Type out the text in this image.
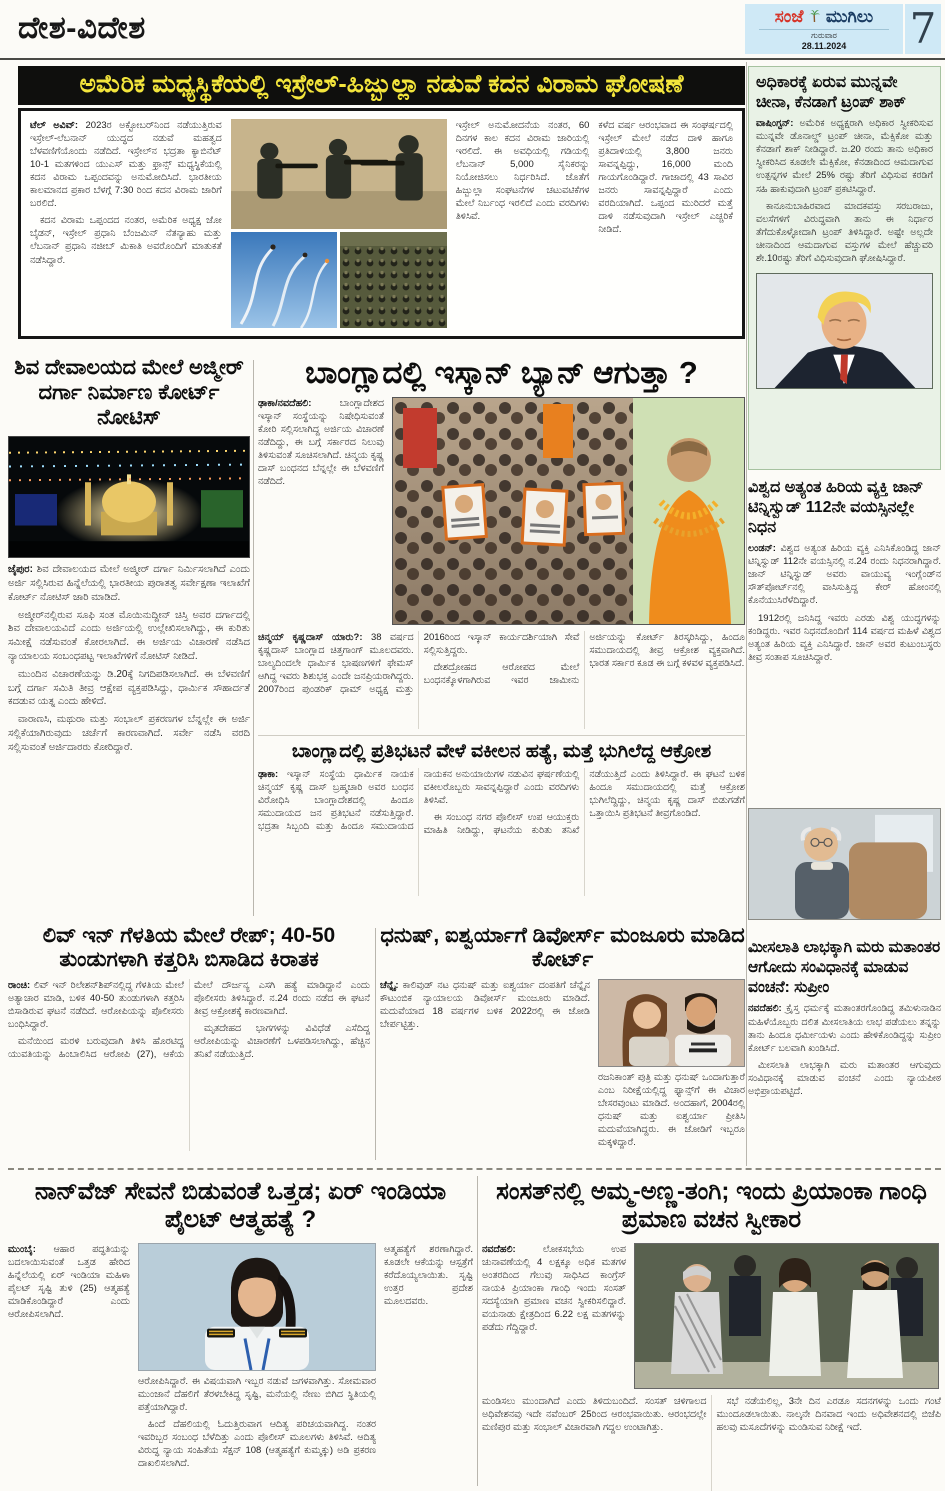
ದೇಶ-ವಿದೇಶ	ಸಂಜೆ ಮುಗಿಲು
ಗುರುವಾರ
28.11.2024	7
ಅಮೆರಿಕ ಮಧ್ಯಸ್ಥಿಕೆಯಲ್ಲಿ ಇಸ್ರೇಲ್-ಹಿಜ್ಬುಲ್ಲಾ ನಡುವೆ ಕದನ ವಿರಾಮ ಘೋಷಣೆ

ಟೆಲ್ ಅವಿವ್: 2023ರ ಅಕ್ಟೋಬರ್‌ನಿಂದ ನಡೆಯುತ್ತಿರುವ ಇಸ್ರೇಲ್-ಲೆಬನಾನ್ ಯುದ್ಧದ ನಡುವೆ ಮಹತ್ವದ ಬೆಳವಣಿಗೆಯೊಂದು ನಡೆದಿದೆ. ಇಸ್ರೇಲ್‌ನ ಭದ್ರತಾ ಕ್ಯಾಬಿನೆಟ್ 10-1 ಮತಗಳಿಂದ ಯುಎಸ್ ಮತ್ತು ಫ್ರಾನ್ಸ್ ಮಧ್ಯಸ್ಥಿಕೆಯಲ್ಲಿ ಕದನ ವಿರಾಮ ಒಪ್ಪಂದವನ್ನು ಅನುಮೋದಿಸಿದೆ. ಭಾರತೀಯ ಕಾಲಮಾನದ ಪ್ರಕಾರ ಬೆಳಗ್ಗೆ 7:30 ರಿಂದ ಕದನ ವಿರಾಮ ಜಾರಿಗೆ ಬರಲಿದೆ.

ಕದನ ವಿರಾಮ ಒಪ್ಪಂದದ ನಂತರ, ಅಮೆರಿಕ ಅಧ್ಯಕ್ಷ ಜೋ ಬೈಡನ್, ಇಸ್ರೇಲ್ ಪ್ರಧಾನಿ ಬೆಂಜಮಿನ್ ನೆತನ್ಯಾಹು ಮತ್ತು ಲೆಬನಾನ್ ಪ್ರಧಾನಿ ನಜೀಬ್ ಮಿಕಾತಿ ಅವರೊಂದಿಗೆ ಮಾತುಕತೆ ನಡೆಸಿದ್ದಾರೆ.

ಇಸ್ರೇಲ್ ಅನುಮೋದನೆಯ ನಂತರ, 60 ದಿನಗಳ ಕಾಲ ಕದನ ವಿರಾಮ ಜಾರಿಯಲ್ಲಿ ಇರಲಿದೆ. ಈ ಅವಧಿಯಲ್ಲಿ ಗಡಿಯಲ್ಲಿ ಲೆಬನಾನ್ 5,000 ಸೈನಿಕರನ್ನು ನಿಯೋಜಿಸಲು ನಿರ್ಧರಿಸಿದೆ. ಜೊತೆಗೆ ಹಿಜ್ಬುಲ್ಲಾ ಸಂಘಟನೆಗಳ ಚಟುವಟಿಕೆಗಳ ಮೇಲೆ ನಿರ್ಬಂಧ ಇರಲಿದೆ ಎಂದು ವರದಿಗಳು ತಿಳಿಸಿವೆ.

ಕಳೆದ ವರ್ಷ ಆರಂಭವಾದ ಈ ಸಂಘರ್ಷದಲ್ಲಿ ಇಸ್ರೇಲ್ ಮೇಲೆ ನಡೆದ ದಾಳಿ ಹಾಗೂ ಪ್ರತಿದಾಳಿಯಲ್ಲಿ 3,800 ಜನರು ಸಾವನ್ನಪ್ಪಿದ್ದು, 16,000 ಮಂದಿ ಗಾಯಗೊಂಡಿದ್ದಾರೆ. ಗಾಜಾದಲ್ಲಿ 43 ಸಾವಿರ ಜನರು ಸಾವನ್ನಪ್ಪಿದ್ದಾರೆ ಎಂದು ವರದಿಯಾಗಿದೆ. ಒಪ್ಪಂದ ಮುರಿದರೆ ಮತ್ತೆ ದಾಳಿ ನಡೆಸುವುದಾಗಿ ಇಸ್ರೇಲ್ ಎಚ್ಚರಿಕೆ ನೀಡಿದೆ.

ಅಧಿಕಾರಕ್ಕೆ ಏರುವ ಮುನ್ನವೇ ಚೀನಾ, ಕೆನಡಾಗೆ ಟ್ರಂಪ್ ಶಾಕ್

ವಾಷಿಂಗ್ಟನ್: ಅಮೆರಿಕ ಅಧ್ಯಕ್ಷರಾಗಿ ಅಧಿಕಾರ ಸ್ವೀಕರಿಸುವ ಮುನ್ನವೇ ಡೊನಾಲ್ಡ್ ಟ್ರಂಪ್ ಚೀನಾ, ಮೆಕ್ಸಿಕೋ ಮತ್ತು ಕೆನಡಾಗೆ ಶಾಕ್ ನೀಡಿದ್ದಾರೆ. ಜ.20 ರಂದು ತಾನು ಅಧಿಕಾರ ಸ್ವೀಕರಿಸಿದ ಕೂಡಲೇ ಮೆಕ್ಸಿಕೋ, ಕೆನಡಾದಿಂದ ಆಮದಾಗುವ ಉತ್ಪನ್ನಗಳ ಮೇಲೆ 25% ರಷ್ಟು ತೆರಿಗೆ ವಿಧಿಸುವ ಕರಡಿಗೆ ಸಹಿ ಹಾಕುವುದಾಗಿ ಟ್ರಂಪ್ ಪ್ರಕಟಿಸಿದ್ದಾರೆ.

ಕಾನೂನುಬಾಹಿರವಾದ ಮಾದಕವಸ್ತು ಸರಬರಾಜು, ವಲಸೆಗಳಿಗೆ ವಿರುದ್ಧವಾಗಿ ತಾನು ಈ ನಿರ್ಧಾರ ತೆಗೆದುಕೊಳ್ಳೋದಾಗಿ ಟ್ರಂಪ್ ತಿಳಿಸಿದ್ದಾರೆ. ಅಷ್ಟೇ ಅಲ್ಲದೇ ಚೀನಾದಿಂದ ಆಮದಾಗುವ ವಸ್ತುಗಳ ಮೇಲೆ ಹೆಚ್ಚುವರಿ ಶೇ.10ರಷ್ಟು ತೆರಿಗೆ ವಿಧಿಸುವುದಾಗಿ ಘೋಷಿಸಿದ್ದಾರೆ.

ವಿಶ್ವದ ಅತ್ಯಂತ ಹಿರಿಯ ವ್ಯಕ್ತಿ ಜಾನ್ ಟಿನ್ನಿಸ್ವುಡ್ 112ನೇ ವಯಸ್ಸಿನಲ್ಲೇ ನಿಧನ

ಲಂಡನ್: ವಿಶ್ವದ ಅತ್ಯಂತ ಹಿರಿಯ ವ್ಯಕ್ತಿ ಎನಿಸಿಕೊಂಡಿದ್ದ ಜಾನ್ ಟಿನ್ನಿಸ್ವುಡ್ 112ನೇ ವಯಸ್ಸಿನಲ್ಲಿ ನ.24 ರಂದು ನಿಧನರಾಗಿದ್ದಾರೆ. ಜಾನ್ ಟಿನ್ನಿಸ್ವುಡ್ ಅವರು ವಾಯುವ್ಯ ಇಂಗ್ಲೆಂಡ್‌ನ ಸೌತ್‌ಪೋರ್ಟ್‌ನಲ್ಲಿ ವಾಸಿಸುತ್ತಿದ್ದ ಕೇರ್ ಹೋಂನಲ್ಲಿ ಕೊನೆಯುಸಿರೆಳೆದಿದ್ದಾರೆ.

1912ರಲ್ಲಿ ಜನಿಸಿದ್ದ ಇವರು ಎರಡು ವಿಶ್ವ ಯುದ್ಧಗಳನ್ನು ಕಂಡಿದ್ದರು. ಇವರ ನಿಧನದೊಂದಿಗೆ 114 ವರ್ಷದ ಮಹಿಳೆ ವಿಶ್ವದ ಅತ್ಯಂತ ಹಿರಿಯ ವ್ಯಕ್ತಿ ಎನಿಸಿದ್ದಾರೆ. ಜಾನ್ ಅವರ ಕುಟುಂಬಸ್ಥರು ತೀವ್ರ ಸಂತಾಪ ಸೂಚಿಸಿದ್ದಾರೆ.

ಮೀಸಲಾತಿ ಲಾಭಕ್ಕಾಗಿ ಮರು ಮತಾಂತರ ಆಗೋದು ಸಂವಿಧಾನಕ್ಕೆ ಮಾಡುವ ವಂಚನೆ: ಸುಪ್ರೀಂ

ನವದೆಹಲಿ: ಕ್ರೈಸ್ತ ಧರ್ಮಕ್ಕೆ ಮತಾಂತರಗೊಂಡಿದ್ದ ತಮಿಳುನಾಡಿನ ಮಹಿಳೆಯೊಬ್ಬರು ದಲಿತ ಮೀಸಲಾತಿಯ ಲಾಭ ಪಡೆಯಲು ತನ್ನನ್ನು ತಾನು ಹಿಂದೂ ಧರ್ಮೀಯಳು ಎಂದು ಹೇಳಿಕೊಂಡಿದ್ದನ್ನು ಸುಪ್ರೀಂ ಕೋರ್ಟ್ ಬಲವಾಗಿ ಖಂಡಿಸಿದೆ.

ಮೀಸಲಾತಿ ಲಾಭಕ್ಕಾಗಿ ಮರು ಮತಾಂತರ ಆಗುವುದು ಸಂವಿಧಾನಕ್ಕೆ ಮಾಡುವ ವಂಚನೆ ಎಂದು ನ್ಯಾಯಪೀಠ ಅಭಿಪ್ರಾಯಪಟ್ಟಿದೆ.

ಶಿವ ದೇವಾಲಯದ ಮೇಲೆ ಅಜ್ಮೀರ್ ದರ್ಗಾ ನಿರ್ಮಾಣ ಕೋರ್ಟ್ ನೋಟಿಸ್

ಜೈಪುರ: ಶಿವ ದೇವಾಲಯದ ಮೇಲೆ ಅಜ್ಮೀರ್ ದರ್ಗಾ ನಿರ್ಮಿಸಲಾಗಿದೆ ಎಂದು ಅರ್ಜಿ ಸಲ್ಲಿಸಿರುವ ಹಿನ್ನೆಲೆಯಲ್ಲಿ ಭಾರತೀಯ ಪುರಾತತ್ವ ಸರ್ವೇಕ್ಷಣಾ ಇಲಾಖೆಗೆ ಕೋರ್ಟ್ ನೋಟಿಸ್ ಜಾರಿ ಮಾಡಿದೆ.

ಅಜ್ಮೀರ್‌ನಲ್ಲಿರುವ ಸೂಫಿ ಸಂತ ಮೊಯಿನುದ್ದೀನ್ ಚಿಸ್ತಿ ಅವರ ದರ್ಗಾದಲ್ಲಿ ಶಿವ ದೇವಾಲಯವಿದೆ ಎಂದು ಅರ್ಜಿಯಲ್ಲಿ ಉಲ್ಲೇಖಿಸಲಾಗಿದ್ದು, ಈ ಕುರಿತು ಸಮೀಕ್ಷೆ ನಡೆಸುವಂತೆ ಕೋರಲಾಗಿದೆ. ಈ ಅರ್ಜಿಯ ವಿಚಾರಣೆ ನಡೆಸಿದ ನ್ಯಾಯಾಲಯ ಸಂಬಂಧಪಟ್ಟ ಇಲಾಖೆಗಳಿಗೆ ನೋಟಿಸ್ ನೀಡಿದೆ.

ಮುಂದಿನ ವಿಚಾರಣೆಯನ್ನು ಡಿ.20ಕ್ಕೆ ನಿಗದಿಪಡಿಸಲಾಗಿದೆ. ಈ ಬೆಳವಣಿಗೆ ಬಗ್ಗೆ ದರ್ಗಾ ಸಮಿತಿ ತೀವ್ರ ಆಕ್ಷೇಪ ವ್ಯಕ್ತಪಡಿಸಿದ್ದು, ಧಾರ್ಮಿಕ ಸೌಹಾರ್ದತೆ ಕದಡುವ ಯತ್ನ ಎಂದು ಹೇಳಿದೆ.

ವಾರಾಣಸಿ, ಮಥುರಾ ಮತ್ತು ಸಂಭಾಲ್ ಪ್ರಕರಣಗಳ ಬೆನ್ನಲ್ಲೇ ಈ ಅರ್ಜಿ ಸಲ್ಲಿಕೆಯಾಗಿರುವುದು ಚರ್ಚೆಗೆ ಕಾರಣವಾಗಿದೆ. ಸರ್ವೇ ನಡೆಸಿ ವರದಿ ಸಲ್ಲಿಸುವಂತೆ ಅರ್ಜಿದಾರರು ಕೋರಿದ್ದಾರೆ.

ಬಾಂಗ್ಲಾದಲ್ಲಿ ಇಸ್ಕಾನ್ ಬ್ಯಾನ್ ಆಗುತ್ತಾ ?

ಢಾಕಾ/ನವದೆಹಲಿ:	ಬಾಂಗ್ಲಾದೇಶದ ಇಸ್ಕಾನ್ ಸಂಸ್ಥೆಯನ್ನು ನಿಷೇಧಿಸುವಂತೆ ಕೋರಿ ಸಲ್ಲಿಸಲಾಗಿದ್ದ ಅರ್ಜಿಯ ವಿಚಾರಣೆ ನಡೆದಿದ್ದು, ಈ ಬಗ್ಗೆ ಸರ್ಕಾರದ ನಿಲುವು ತಿಳಿಸುವಂತೆ ಸೂಚಿಸಲಾಗಿದೆ. ಚಿನ್ಮಯ ಕೃಷ್ಣ ದಾಸ್ ಬಂಧನದ ಬೆನ್ನಲ್ಲೇ ಈ ಬೆಳವಣಿಗೆ ನಡೆದಿದೆ.

ಚಿನ್ಮಯ್ ಕೃಷ್ಣದಾಸ್ ಯಾರು?: 38 ವರ್ಷದ ಕೃಷ್ಣದಾಸ್ ಬಾಂಗ್ಲಾದ ಚಿತ್ತಗಾಂಗ್ ಮೂಲದವರು. ಬಾಲ್ಯದಿಂದಲೇ ಧಾರ್ಮಿಕ ಭಾಷಣಗಳಿಗೆ ಫೇಮಸ್ ಆಗಿದ್ದ ಇವರು ಶಿಶುಭಕ್ತ ಎಂದೇ ಜನಪ್ರಿಯರಾಗಿದ್ದರು. 2007ರಿಂದ ಪುಂಡರಿಕ್ ಧಾಮ್ ಅಧ್ಯಕ್ಷ ಮತ್ತು 2016ರಿಂದ ಇಸ್ಕಾನ್ ಕಾರ್ಯದರ್ಶಿಯಾಗಿ ಸೇವೆ ಸಲ್ಲಿಸುತ್ತಿದ್ದರು.

ದೇಶದ್ರೋಹದ ಆರೋಪದ ಮೇಲೆ ಬಂಧನಕ್ಕೊಳಗಾಗಿರುವ ಇವರ ಜಾಮೀನು ಅರ್ಜಿಯನ್ನು ಕೋರ್ಟ್ ತಿರಸ್ಕರಿಸಿದ್ದು, ಹಿಂದೂ ಸಮುದಾಯದಲ್ಲಿ ತೀವ್ರ ಆಕ್ರೋಶ ವ್ಯಕ್ತವಾಗಿದೆ. ಭಾರತ ಸರ್ಕಾರ ಕೂಡ ಈ ಬಗ್ಗೆ ಕಳವಳ ವ್ಯಕ್ತಪಡಿಸಿದೆ.

ಬಾಂಗ್ಲಾದಲ್ಲಿ ಪ್ರತಿಭಟನೆ ವೇಳೆ ವಕೀಲನ ಹತ್ಯೆ, ಮತ್ತೆ ಭುಗಿಲೆದ್ದ ಆಕ್ರೋಶ

ಢಾಕಾ: ಇಸ್ಕಾನ್ ಸಂಸ್ಥೆಯ ಧಾರ್ಮಿಕ ನಾಯಕ ಚಿನ್ಮಯ್ ಕೃಷ್ಣ ದಾಸ್ ಬ್ರಹ್ಮಚಾರಿ ಅವರ ಬಂಧನ ವಿರೋಧಿಸಿ ಬಾಂಗ್ಲಾದೇಶದಲ್ಲಿ ಹಿಂದೂ ಸಮುದಾಯದ ಜನ ಪ್ರತಿಭಟನೆ ನಡೆಸುತ್ತಿದ್ದಾರೆ. ಭದ್ರತಾ ಸಿಬ್ಬಂದಿ ಮತ್ತು ಹಿಂದೂ ಸಮುದಾಯದ ನಾಯಕನ ಅನುಯಾಯಿಗಳ ನಡುವಿನ ಘರ್ಷಣೆಯಲ್ಲಿ ವಕೀಲರೊಬ್ಬರು ಸಾವನ್ನಪ್ಪಿದ್ದಾರೆ ಎಂದು ವರದಿಗಳು ತಿಳಿಸಿವೆ.

ಈ ಸಂಬಂಧ ನಗರ ಪೊಲೀಸ್ ಉಪ ಆಯುಕ್ತರು ಮಾಹಿತಿ ನೀಡಿದ್ದು, ಘಟನೆಯ ಕುರಿತು ತನಿಖೆ ನಡೆಯುತ್ತಿದೆ ಎಂದು ತಿಳಿಸಿದ್ದಾರೆ. ಈ ಘಟನೆ ಬಳಿಕ ಹಿಂದೂ ಸಮುದಾಯದಲ್ಲಿ ಮತ್ತೆ ಆಕ್ರೋಶ ಭುಗಿಲೆದ್ದಿದ್ದು, ಚಿನ್ಮಯ ಕೃಷ್ಣ ದಾಸ್ ಬಿಡುಗಡೆಗೆ ಒತ್ತಾಯಿಸಿ ಪ್ರತಿಭಟನೆ ತೀವ್ರಗೊಂಡಿದೆ.

ಲಿವ್ ಇನ್ ಗೆಳತಿಯ ಮೇಲೆ ರೇಪ್; 40-50 ತುಂಡುಗಳಾಗಿ ಕತ್ತರಿಸಿ ಬಿಸಾಡಿದ ಕಿರಾತಕ

ರಾಂಚಿ: ಲಿವ್ ಇನ್ ರಿಲೇಶನ್‌ಶಿಪ್‌ನಲ್ಲಿದ್ದ ಗೆಳತಿಯ ಮೇಲೆ ಅತ್ಯಾಚಾರ ಮಾಡಿ, ಬಳಿಕ 40-50 ತುಂಡುಗಳಾಗಿ ಕತ್ತರಿಸಿ ಬಿಸಾಡಿರುವ ಘಟನೆ ನಡೆದಿದೆ. ಆರೋಪಿಯನ್ನು ಪೊಲೀಸರು ಬಂಧಿಸಿದ್ದಾರೆ.

ಮನೆಯಿಂದ ಮರಳಿ ಬರುವುದಾಗಿ ತಿಳಿಸಿ ಹೊರಟಿದ್ದ ಯುವತಿಯನ್ನು ಹಿಂಬಾಲಿಸಿದ ಆರೋಪಿ (27), ಆಕೆಯ ಮೇಲೆ ದೌರ್ಜನ್ಯ ಎಸಗಿ ಹತ್ಯೆ ಮಾಡಿದ್ದಾನೆ ಎಂದು ಪೊಲೀಸರು ತಿಳಿಸಿದ್ದಾರೆ. ನ.24 ರಂದು ನಡೆದ ಈ ಘಟನೆ ತೀವ್ರ ಆಕ್ರೋಶಕ್ಕೆ ಕಾರಣವಾಗಿದೆ.

ಮೃತದೇಹದ ಭಾಗಗಳನ್ನು ವಿವಿಧೆಡೆ ಎಸೆದಿದ್ದ ಆರೋಪಿಯನ್ನು ವಿಚಾರಣೆಗೆ ಒಳಪಡಿಸಲಾಗಿದ್ದು, ಹೆಚ್ಚಿನ ತನಿಖೆ ನಡೆಯುತ್ತಿದೆ.

ಧನುಷ್, ಐಶ್ವರ್ಯಾಗೆ ಡಿವೋರ್ಸ್ ಮಂಜೂರು ಮಾಡಿದ ಕೋರ್ಟ್

ಚೆನ್ನೈ: ಕಾಲಿವುಡ್ ನಟ ಧನುಷ್ ಮತ್ತು ಐಶ್ವರ್ಯಾ ದಂಪತಿಗೆ ಚೆನ್ನೈನ ಕೌಟುಂಬಿಕ ನ್ಯಾಯಾಲಯ ಡಿವೋರ್ಸ್ ಮಂಜೂರು ಮಾಡಿದೆ. ಮದುವೆಯಾದ 18 ವರ್ಷಗಳ ಬಳಿಕ 2022ರಲ್ಲಿ ಈ ಜೋಡಿ ಬೇರ್ಪಟ್ಟಿತ್ತು.

ರಜನಿಕಾಂತ್ ಪುತ್ರಿ ಮತ್ತು ಧನುಷ್ ಒಂದಾಗುತ್ತಾರೆ ಎಂಬ ನಿರೀಕ್ಷೆಯಲ್ಲಿದ್ದ ಫ್ಯಾನ್ಸ್‌ಗೆ ಈ ವಿಚಾರ ಬೇಸರವುಂಟು ಮಾಡಿದೆ. ಅಂದಹಾಗೆ, 2004ರಲ್ಲಿ ಧನುಷ್ ಮತ್ತು ಐಶ್ವರ್ಯಾ ಪ್ರೀತಿಸಿ ಮದುವೆಯಾಗಿದ್ದರು. ಈ ಜೋಡಿಗೆ ಇಬ್ಬರೂ ಮಕ್ಕಳಿದ್ದಾರೆ.

ನಾನ್‌ವೆಜ್ ಸೇವನೆ ಬಿಡುವಂತೆ ಒತ್ತಡ; ಏರ್ ಇಂಡಿಯಾ ಪೈಲಟ್ ಆತ್ಮಹತ್ಯೆ ?

ಮುಂಬೈ: ಆಹಾರ ಪದ್ಧತಿಯನ್ನು ಬದಲಾಯಿಸುವಂತೆ ಒತ್ತಡ ಹೇರಿದ ಹಿನ್ನೆಲೆಯಲ್ಲಿ ಏರ್ ಇಂಡಿಯಾ ಮಹಿಳಾ ಪೈಲಟ್ ಸೃಷ್ಟಿ ತುಳಿ (25) ಆತ್ಮಹತ್ಯೆ ಮಾಡಿಕೊಂಡಿದ್ದಾರೆ ಎಂದು ಆರೋಪಿಸಲಾಗಿದೆ.

ಆರೋಪಿಸಿದ್ದಾರೆ. ಈ ವಿಷಯವಾಗಿ ಇಬ್ಬರ ನಡುವೆ ಜಗಳವಾಗಿತ್ತು. ಸೋಮವಾರ ಮುಂಜಾನೆ ದೆಹಲಿಗೆ ತೆರಳಬೇಕಿದ್ದ ಸೃಷ್ಟಿ, ಮನೆಯಲ್ಲಿ ನೇಣು ಬಿಗಿದ ಸ್ಥಿತಿಯಲ್ಲಿ ಪತ್ತೆಯಾಗಿದ್ದಾರೆ.

ಹಿಂದೆ ದೆಹಲಿಯಲ್ಲಿ ಓದುತ್ತಿರುವಾಗ ಆದಿತ್ಯ ಪರಿಚಯವಾಗಿದ್ದ. ನಂತರ ಇವರಿಬ್ಬರ ಸಂಬಂಧ ಬೆಳೆದಿತ್ತು ಎಂದು ಪೊಲೀಸ್ ಮೂಲಗಳು ತಿಳಿಸಿವೆ. ಆದಿತ್ಯ ವಿರುದ್ಧ ನ್ಯಾಯ ಸಂಹಿತೆಯ ಸೆಕ್ಷನ್ 108 (ಆತ್ಮಹತ್ಯೆಗೆ ಕುಮ್ಮಕ್ಕು) ಅಡಿ ಪ್ರಕರಣ ದಾಖಲಿಸಲಾಗಿದೆ.

ಆತ್ಮಹತ್ಯೆಗೆ ಶರಣಾಗಿದ್ದಾರೆ. ಕೂಡಲೇ ಆಕೆಯನ್ನು ಆಸ್ಪತ್ರೆಗೆ ಕರೆದೊಯ್ಯಲಾಯಿತು. ಸೃಷ್ಟಿ ಉತ್ತರ ಪ್ರದೇಶ ಮೂಲದವರು.

ಸಂಸತ್‌ನಲ್ಲಿ ಅಮ್ಮ-ಅಣ್ಣ-ತಂಗಿ; ಇಂದು ಪ್ರಿಯಾಂಕಾ ಗಾಂಧಿ ಪ್ರಮಾಣ ವಚನ ಸ್ವೀಕಾರ

ನವದೆಹಲಿ:	ಲೋಕಸಭೆಯ ಉಪ ಚುನಾವಣೆಯಲ್ಲಿ 4 ಲಕ್ಷಕ್ಕೂ ಅಧಿಕ ಮತಗಳ ಅಂತರದಿಂದ ಗೆಲುವು ಸಾಧಿಸಿದ ಕಾಂಗ್ರೆಸ್ ನಾಯಕಿ ಪ್ರಿಯಾಂಕಾ ಗಾಂಧಿ ಇಂದು ಸಂಸತ್ ಸದಸ್ಯೆಯಾಗಿ ಪ್ರಮಾಣ ವಚನ ಸ್ವೀಕರಿಸಲಿದ್ದಾರೆ. ವಯನಾಡು ಕ್ಷೇತ್ರದಿಂದ 6.22 ಲಕ್ಷ ಮತಗಳನ್ನು ಪಡೆದು ಗೆದ್ದಿದ್ದಾರೆ.

ಮಂಡಿಸಲು ಮುಂದಾಗಿದೆ ಎಂದು ತಿಳಿದುಬಂದಿದೆ. ಸಂಸತ್ ಚಳಿಗಾಲದ ಅಧಿವೇಶನವು ಇದೇ ನವೆಂಬರ್ 25ರಿಂದ ಆರಂಭವಾಯಿತು. ಆರಂಭದಲ್ಲೇ ಮಣಿಪುರ ಮತ್ತು ಸಂಭಾಲ್ ವಿಚಾರವಾಗಿ ಗದ್ದಲ ಉಂಟಾಗಿತ್ತು.

ಸಭೆ ನಡೆಯಲಿಲ್ಲ, 3ನೇ ದಿನ ಎರಡೂ ಸದನಗಳನ್ನು ಒಂದು ಗಂಟೆ ಮುಂದೂಡಲಾಯಿತು. ನಾಲ್ಕನೇ ದಿನವಾದ ಇಂದು ಅಧಿವೇಶನದಲ್ಲಿ ಬಿಜೆಪಿ ಹಲವು ಮಸೂದೆಗಳನ್ನು ಮಂಡಿಸುವ ನಿರೀಕ್ಷೆ ಇದೆ.
